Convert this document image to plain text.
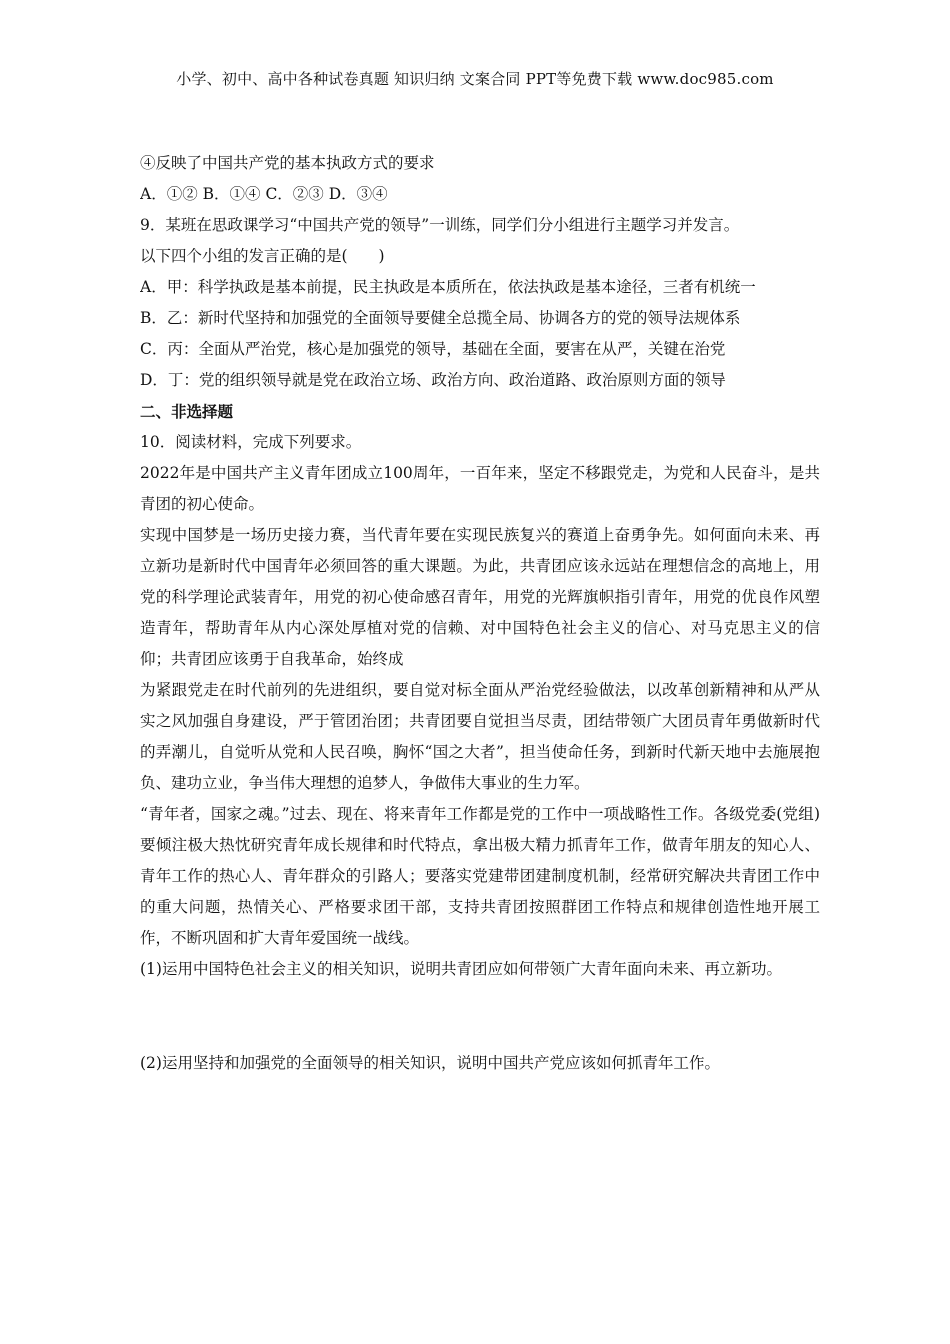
小学、初中、高中各种试卷真题 知识归纳 文案合同 PPT等免费下载 www.doc985.com
④反映了中国共产党的基本执政方式的要求
A．①② B．①④ C．②③ D．③④
9．某班在思政课学习“中国共产党的领导”一训练，同学们分小组进行主题学习并发言。
以下四个小组的发言正确的是(　　)
A．甲：科学执政是基本前提，民主执政是本质所在，依法执政是基本途径，三者有机统一
B．乙：新时代坚持和加强党的全面领导要健全总揽全局、协调各方的党的领导法规体系
C．丙：全面从严治党，核心是加强党的领导，基础在全面，要害在从严，关键在治党
D．丁：党的组织领导就是党在政治立场、政治方向、政治道路、政治原则方面的领导
二、非选择题
10．阅读材料，完成下列要求。

2022年是中国共产主义青年团成立100周年，一百年来，坚定不移跟党走，为党和人民奋斗，是共青团的初心使命。

实现中国梦是一场历史接力赛，当代青年要在实现民族复兴的赛道上奋勇争先。如何面向未来、再立新功是新时代中国青年必须回答的重大课题。为此，共青团应该永远站在理想信念的高地上，用党的科学理论武装青年，用党的初心使命感召青年，用党的光辉旗帜指引青年，用党的优良作风塑造青年，帮助青年从内心深处厚植对党的信赖、对中国特色社会主义的信心、对马克思主义的信仰；共青团应该勇于自我革命，始终成

为紧跟党走在时代前列的先进组织，要自觉对标全面从严治党经验做法，以改革创新精神和从严从实之风加强自身建设，严于管团治团；共青团要自觉担当尽责，团结带领广大团员青年勇做新时代的弄潮儿，自觉听从党和人民召唤，胸怀“国之大者”，担当使命任务，到新时代新天地中去施展抱负、建功立业，争当伟大理想的追梦人，争做伟大事业的生力军。

“青年者，国家之魂。”过去、现在、将来青年工作都是党的工作中一项战略性工作。各级党委(党组)要倾注极大热忱研究青年成长规律和时代特点，拿出极大精力抓青年工作，做青年朋友的知心人、青年工作的热心人、青年群众的引路人；要落实党建带团建制度机制，经常研究解决共青团工作中的重大问题，热情关心、严格要求团干部，支持共青团按照群团工作特点和规律创造性地开展工作，不断巩固和扩大青年爱国统一战线。

(1)运用中国特色社会主义的相关知识，说明共青团应如何带领广大青年面向未来、再立新功。

(2)运用坚持和加强党的全面领导的相关知识，说明中国共产党应该如何抓青年工作。
